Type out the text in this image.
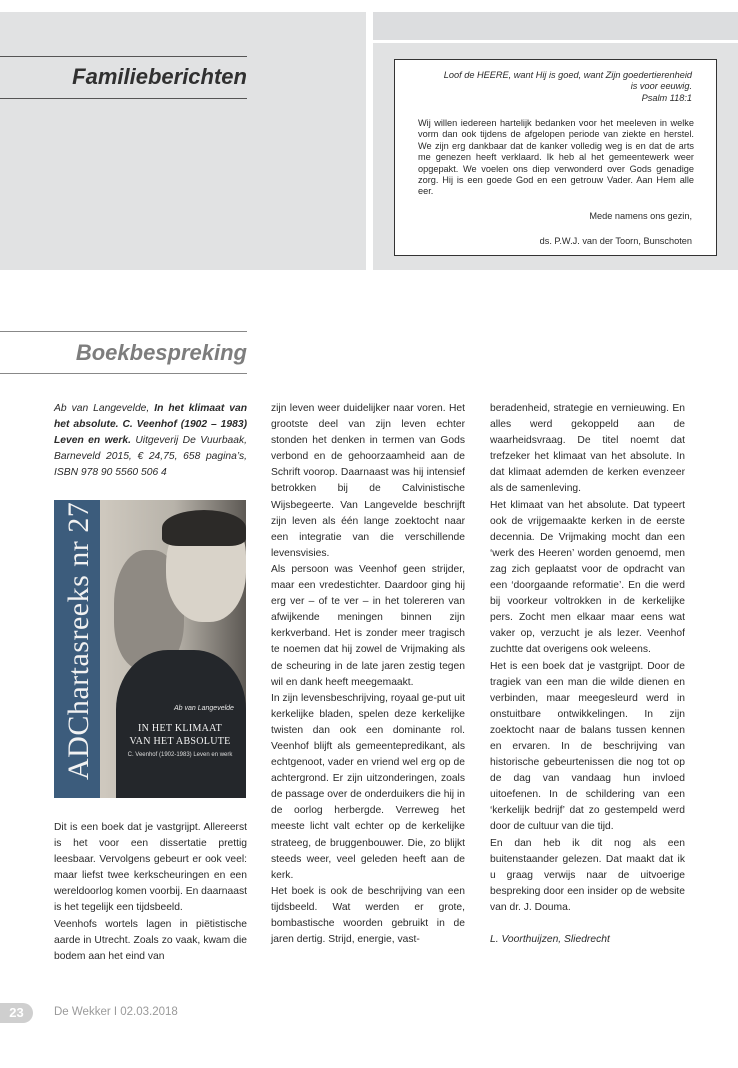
Familieberichten	Loof de HEERE, want Hij is goed, want Zijn goedertierenheid
is voor eeuwig.
Psalm 118:1
Wij willen iedereen hartelijk bedanken voor het meeleven in welke vorm dan ook tijdens de afgelopen periode van ziekte en herstel. We zijn erg dankbaar dat de kanker volledig weg is en dat de arts me genezen heeft verklaard. Ik heb al het gemeentewerk weer opgepakt. We voelen ons diep verwonderd over Gods genadige zorg. Hij is een goede God en een getrouw Vader. Aan Hem alle eer.
Mede namens ons gezin,
ds. P.W.J. van der Toorn, Bunschoten
Boekbespreking

Ab van Langevelde, In het klimaat van het absolute. C. Veenhof (1902 – 1983) Leven en werk. Uitgeverij De Vuurbaak, Barneveld 2015, € 24,75, 658 pagina’s, ISBN 978 90 5560 506 4

ADChartasreeks nr 27	Ab van Langevelde
IN HET KLIMAAT
VAN HET ABSOLUTE
C. Veenhof (1902-1983) Leven en werk

Dit is een boek dat je vastgrijpt. Allereerst is het voor een dissertatie prettig leesbaar. Vervolgens gebeurt er ook veel: maar liefst twee kerkscheuringen en een wereldoorlog komen voorbij. En daarnaast is het tegelijk een tijdsbeeld.

Veenhofs wortels lagen in piëtistische aarde in Utrecht. Zoals zo vaak, kwam die bodem aan het eind van

zijn leven weer duidelijker naar voren. Het grootste deel van zijn leven echter stonden het denken in termen van Gods verbond en de gehoorzaamheid aan de Schrift voorop. Daarnaast was hij intensief betrokken bij de Calvinistische Wijsbegeerte. Van Langevelde beschrijft zijn leven als één lange zoektocht naar een integratie van die verschillende levensvisies.

Als persoon was Veenhof geen strijder, maar een vredestichter. Daardoor ging hij erg ver – of te ver – in het tolereren van afwijkende meningen binnen zijn kerkverband. Het is zonder meer tragisch te noemen dat hij zowel de Vrijmaking als de scheuring in de late jaren zestig tegen wil en dank heeft meegemaakt.

In zijn levensbeschrijving, royaal ge-put uit kerkelijke bladen, spelen deze kerkelijke twisten dan ook een dominante rol. Veenhof blijft als gemeentepredikant, als echtgenoot, vader en vriend wel erg op de achtergrond. Er zijn uitzonderingen, zoals de passage over de onderduikers die hij in de oorlog herbergde. Verreweg het meeste licht valt echter op de kerkelijke strateeg, de bruggenbouwer. Die, zo blijkt steeds weer, veel geleden heeft aan de kerk.

Het boek is ook de beschrijving van een tijdsbeeld. Wat werden er grote, bombastische woorden gebruikt in de jaren dertig. Strijd, energie, vast-

beradenheid, strategie en vernieuwing. En alles werd gekoppeld aan de waarheidsvraag. De titel noemt dat trefzeker het klimaat van het absolute. In dat klimaat ademden de kerken evenzeer als de samenleving.

Het klimaat van het absolute. Dat typeert ook de vrijgemaakte kerken in de eerste decennia. De Vrijmaking mocht dan een ‘werk des Heeren’ worden genoemd, men zag zich geplaatst voor de opdracht van een ‘doorgaande reformatie’. En die werd bij voorkeur voltrokken in de kerkelijke pers. Zocht men elkaar maar eens wat vaker op, verzucht je als lezer. Veenhof zuchtte dat overigens ook weleens.

Het is een boek dat je vastgrijpt. Door de tragiek van een man die wilde dienen en verbinden, maar meegesleurd werd in onstuitbare ontwikkelingen. In zijn zoektocht naar de balans tussen kennen en ervaren. In de beschrijving van historische gebeurtenissen die nog tot op de dag van vandaag hun invloed uitoefenen. In de schildering van een ‘kerkelijk bedrijf’ dat zo gestempeld werd door de cultuur van die tijd.

En dan heb ik dit nog als een buitenstaander gelezen. Dat maakt dat ik u graag verwijs naar de uitvoerige bespreking door een insider op de website van dr. J. Douma.

L. Voorthuijzen, Sliedrecht

23	De Wekker I 02.03.2018
